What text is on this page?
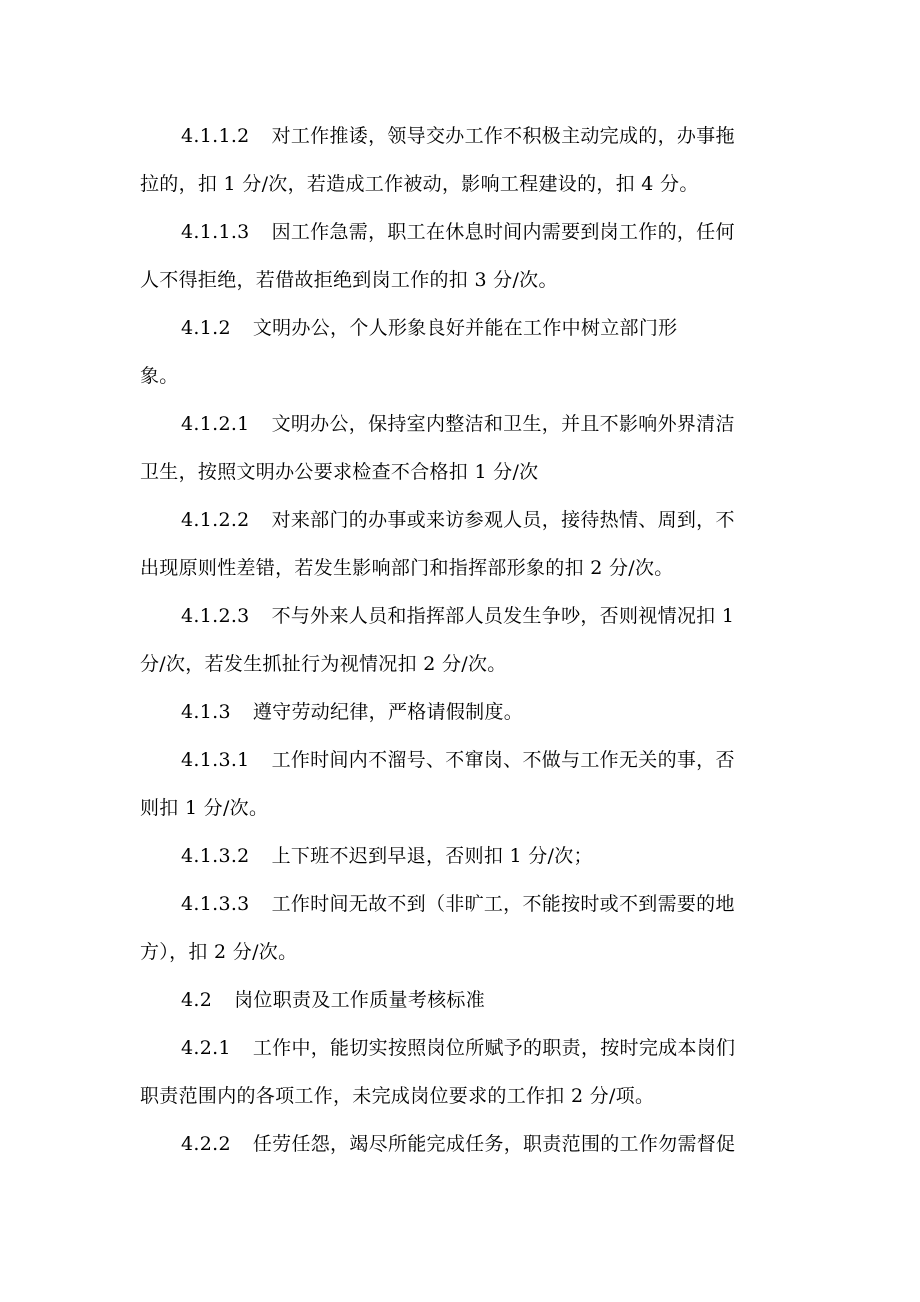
4.1.1.2 对工作推诿，领导交办工作不积极主动完成的，办事拖
拉的，扣 1 分/次，若造成工作被动，影响工程建设的，扣 4 分。
4.1.1.3 因工作急需，职工在休息时间内需要到岗工作的，任何
人不得拒绝，若借故拒绝到岗工作的扣 3 分/次。
4.1.2 文明办公，个人形象良好并能在工作中树立部门形
象。
4.1.2.1 文明办公，保持室内整洁和卫生，并且不影响外界清洁
卫生，按照文明办公要求检查不合格扣 1 分/次
4.1.2.2 对来部门的办事或来访参观人员，接待热情、周到，不
出现原则性差错，若发生影响部门和指挥部形象的扣 2 分/次。
4.1.2.3 不与外来人员和指挥部人员发生争吵，否则视情况扣 1
分/次，若发生抓扯行为视情况扣 2 分/次。
4.1.3 遵守劳动纪律，严格请假制度。
4.1.3.1 工作时间内不溜号、不窜岗、不做与工作无关的事，否
则扣 1 分/次。
4.1.3.2 上下班不迟到早退，否则扣 1 分/次；
4.1.3.3 工作时间无故不到（非旷工，不能按时或不到需要的地
方），扣 2 分/次。
4.2 岗位职责及工作质量考核标准
4.2.1 工作中，能切实按照岗位所赋予的职责，按时完成本岗们
职责范围内的各项工作，未完成岗位要求的工作扣 2 分/项。
4.2.2 任劳任怨，竭尽所能完成任务，职责范围的工作勿需督促
